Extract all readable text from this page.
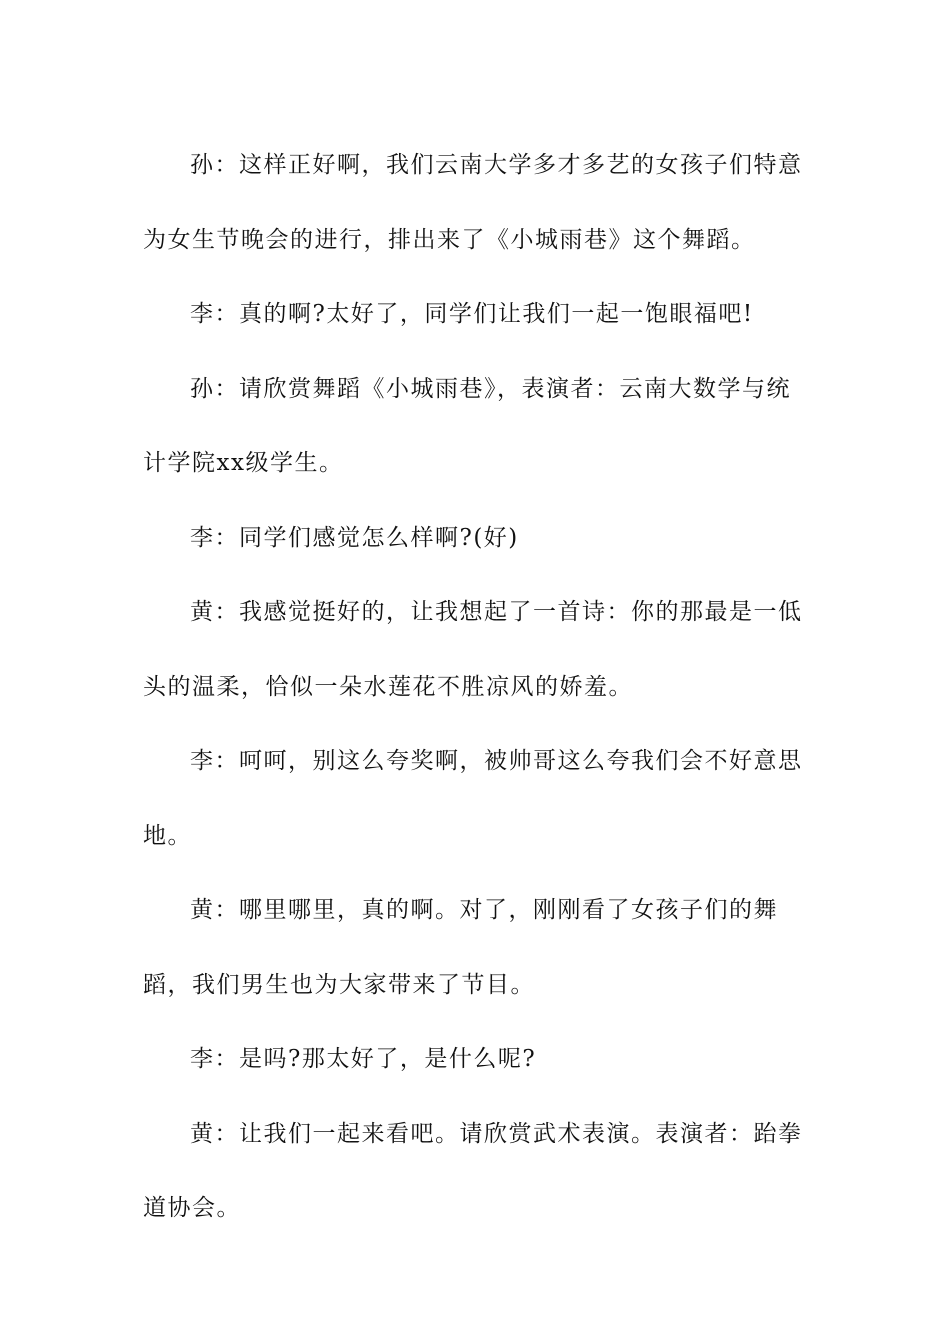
孙：这样正好啊，我们云南大学多才多艺的女孩子们特意为女生节晚会的进行，排出来了《小城雨巷》这个舞蹈。

李：真的啊?太好了，同学们让我们一起一饱眼福吧!

孙：请欣赏舞蹈《小城雨巷》，表演者：云南大数学与统计学院xx级学生。

李：同学们感觉怎么样啊?(好)

黄：我感觉挺好的，让我想起了一首诗：你的那最是一低头的温柔，恰似一朵水莲花不胜凉风的娇羞。

李：呵呵，别这么夸奖啊，被帅哥这么夸我们会不好意思地。

黄：哪里哪里，真的啊。对了，刚刚看了女孩子们的舞蹈，我们男生也为大家带来了节目。

李：是吗?那太好了，是什么呢?

黄：让我们一起来看吧。请欣赏武术表演。表演者：跆拳道协会。
